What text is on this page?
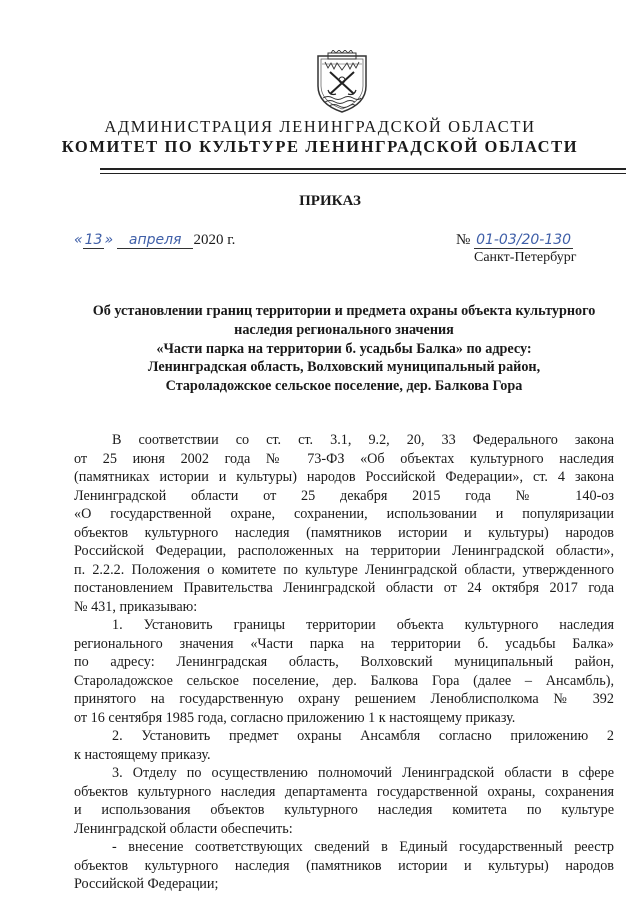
АДМИНИСТРАЦИЯ ЛЕНИНГРАДСКОЙ ОБЛАСТИ
КОМИТЕТ ПО КУЛЬТУРЕ ЛЕНИНГРАДСКОЙ ОБЛАСТИ
ПРИКАЗ
« 13 » апреля 2020 г.	№ 01-03/20-130
Санкт-Петербург
Об установлении границ территории и предмета охраны объекта культурного
наследия регионального значения
«Части парка на территории б. усадьбы Балка» по адресу:
Ленинградская область, Волховский муниципальный район,
Староладожское сельское поселение, дер. Балкова Гора
В соответствии со ст. ст. 3.1, 9.2, 20, 33 Федерального закона
от 25 июня 2002 года № 73-ФЗ «Об объектах культурного наследия
(памятниках истории и культуры) народов Российской Федерации», ст. 4 закона
Ленинградской области от 25 декабря 2015 года № 140-оз
«О государственной охране, сохранении, использовании и популяризации
объектов культурного наследия (памятников истории и культуры) народов
Российской Федерации, расположенных на территории Ленинградской области»,
п. 2.2.2. Положения о комитете по культуре Ленинградской области, утвержденного
постановлением Правительства Ленинградской области от 24 октября 2017 года
№ 431, приказываю:
1. Установить границы территории объекта культурного наследия
регионального значения «Части парка на территории б. усадьбы Балка»
по адресу: Ленинградская область, Волховский муниципальный район,
Староладожское сельское поселение, дер. Балкова Гора (далее – Ансамбль),
принятого на государственную охрану решением Леноблисполкома № 392
от 16 сентября 1985 года, согласно приложению 1 к настоящему приказу.
2. Установить предмет охраны Ансамбля согласно приложению 2
к настоящему приказу.
3. Отделу по осуществлению полномочий Ленинградской области в сфере
объектов культурного наследия департамента государственной охраны, сохранения
и использования объектов культурного наследия комитета по культуре
Ленинградской области обеспечить:
- внесение соответствующих сведений в Единый государственный реестр
объектов культурного наследия (памятников истории и культуры) народов
Российской Федерации;
